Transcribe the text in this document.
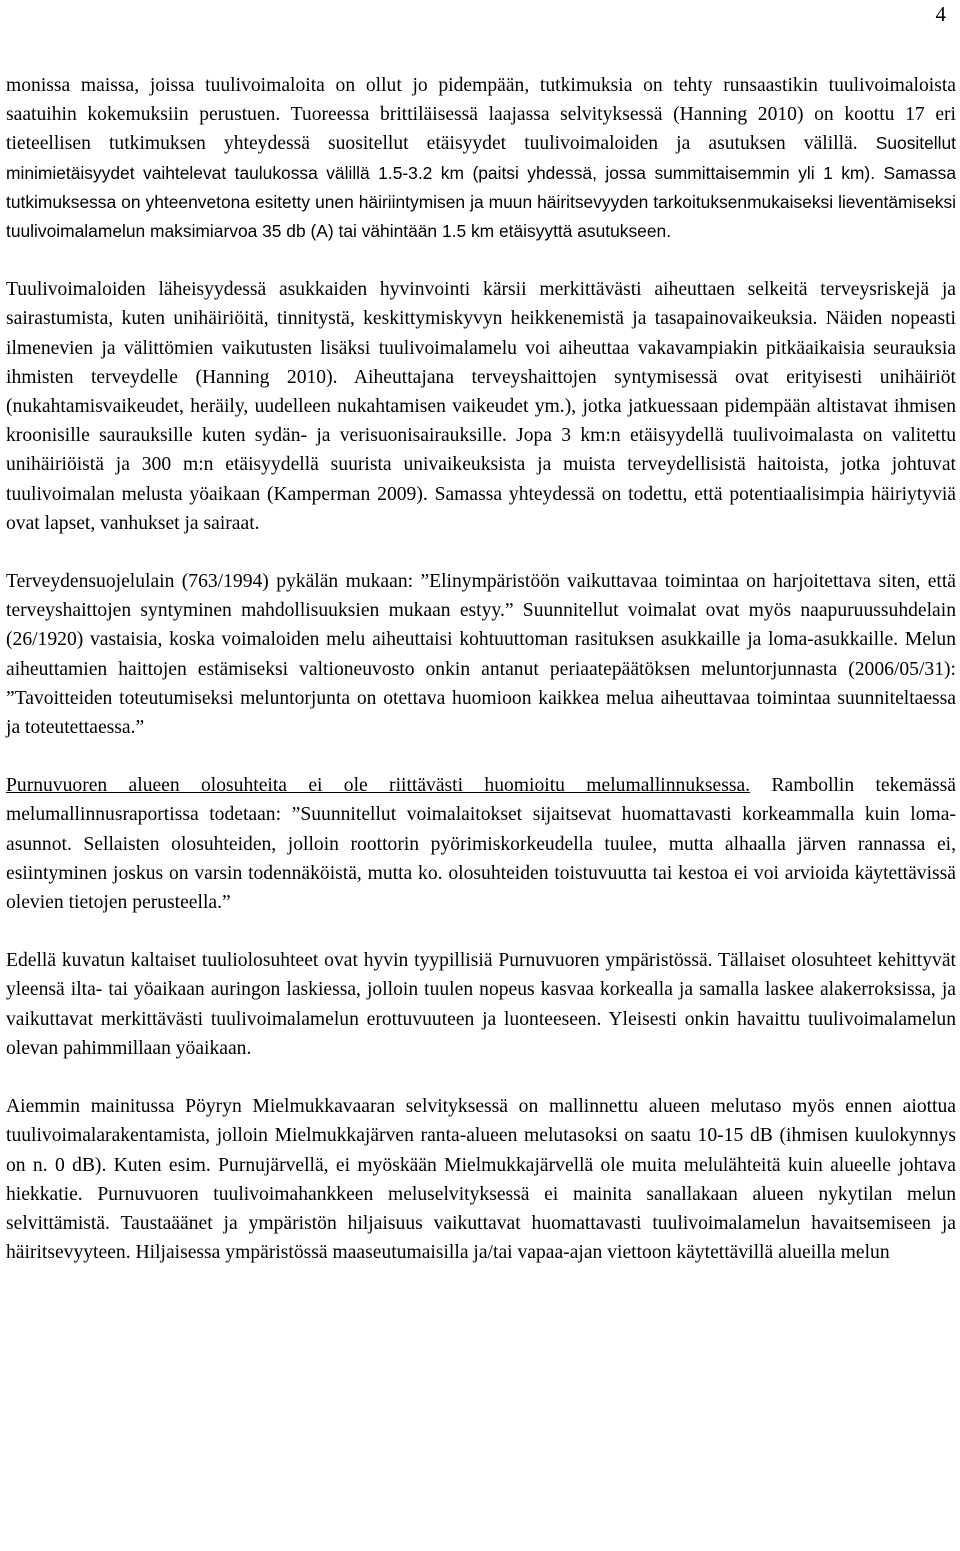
4

monissa maissa, joissa tuulivoimaloita on ollut jo pidempään, tutkimuksia on tehty runsaastikin tuulivoimaloista saatuihin kokemuksiin perustuen. Tuoreessa brittiläisessä laajassa selvityksessä (Hanning 2010) on koottu 17 eri tieteellisen tutkimuksen yhteydessä suositellut etäisyydet tuulivoimaloiden ja asutuksen välillä. Suositellut minimietäisyydet vaihtelevat taulukossa välillä 1.5-3.2 km (paitsi yhdessä, jossa summittaisemmin yli 1 km). Samassa tutkimuksessa on yhteenvetona esitetty unen häiriintymisen ja muun häiritsevyyden tarkoituksenmukaiseksi lieventämiseksi tuulivoimalamelun maksimiarvoa 35 db (A) tai vähintään 1.5 km etäisyyttä asutukseen.

Tuulivoimaloiden läheisyydessä asukkaiden hyvinvointi kärsii merkittävästi aiheuttaen selkeitä terveysriskejä ja sairastumista, kuten unihäiriöitä, tinnitystä, keskittymiskyvyn heikkenemistä ja tasapainovaikeuksia. Näiden nopeasti ilmenevien ja välittömien vaikutusten lisäksi tuulivoimalamelu voi aiheuttaa vakavampiakin pitkäaikaisia seurauksia ihmisten terveydelle (Hanning 2010). Aiheuttajana terveyshaittojen syntymisessä ovat erityisesti unihäiriöt (nukahtamisvaikeudet, heräily, uudelleen nukahtamisen vaikeudet ym.), jotka jatkuessaan pidempään altistavat ihmisen kroonisille saurauksille kuten sydän- ja verisuonisairauksille. Jopa 3 km:n etäisyydellä tuulivoimalasta on valitettu unihäiriöistä ja 300 m:n etäisyydellä suurista univaikeuksista ja muista terveydellisistä haitoista, jotka johtuvat tuulivoimalan melusta yöaikaan (Kamperman 2009). Samassa yhteydessä on todettu, että potentiaalisimpia häiriytyviä ovat lapset, vanhukset ja sairaat.

Terveydensuojelulain (763/1994) pykälän mukaan: ”Elinympäristöön vaikuttavaa toimintaa on harjoitettava siten, että terveyshaittojen syntyminen mahdollisuuksien mukaan estyy.” Suunnitellut voimalat ovat myös naapuruussuhdelain (26/1920) vastaisia, koska voimaloiden melu aiheuttaisi kohtuuttoman rasituksen asukkaille ja loma-asukkaille. Melun aiheuttamien haittojen estämiseksi valtioneuvosto onkin antanut periaatepäätöksen meluntorjunnasta (2006/05/31): ”Tavoitteiden toteutumiseksi meluntorjunta on otettava huomioon kaikkea melua aiheuttavaa toimintaa suunniteltaessa ja toteutettaessa.”

Purnuvuoren alueen olosuhteita ei ole riittävästi huomioitu melumallinnuksessa. Rambollin tekemässä melumallinnusraportissa todetaan: ”Suunnitellut voimalaitokset sijaitsevat huomattavasti korkeammalla kuin loma-asunnot. Sellaisten olosuhteiden, jolloin roottorin pyörimiskorkeudella tuulee, mutta alhaalla järven rannassa ei, esiintyminen joskus on varsin todennäköistä, mutta ko. olosuhteiden toistuvuutta tai kestoa ei voi arvioida käytettävissä olevien tietojen perusteella.”

Edellä kuvatun kaltaiset tuuliolosuhteet ovat hyvin tyypillisiä Purnuvuoren ympäristössä. Tällaiset olosuhteet kehittyvät yleensä ilta- tai yöaikaan auringon laskiessa, jolloin tuulen nopeus kasvaa korkealla ja samalla laskee alakerroksissa, ja vaikuttavat merkittävästi tuulivoimalamelun erottuvuuteen ja luonteeseen. Yleisesti onkin havaittu tuulivoimalamelun olevan pahimmillaan yöaikaan.

Aiemmin mainitussa Pöyryn Mielmukkavaaran selvityksessä on mallinnettu alueen melutaso myös ennen aiottua tuulivoimalarakentamista, jolloin Mielmukkajärven ranta-alueen melutasoksi on saatu 10-15 dB (ihmisen kuulokynnys on n. 0 dB). Kuten esim. Purnujärvellä, ei myöskään Mielmukkajärvellä ole muita melulähteitä kuin alueelle johtava hiekkatie. Purnuvuoren tuulivoimahankkeen meluselvityksessä ei mainita sanallakaan alueen nykytilan melun selvittämistä. Taustaäänet ja ympäristön hiljaisuus vaikuttavat huomattavasti tuulivoimalamelun havaitsemiseen ja häiritsevyyteen. Hiljaisessa ympäristössä maaseutumaisilla ja/tai vapaa-ajan viettoon käytettävillä alueilla melun
